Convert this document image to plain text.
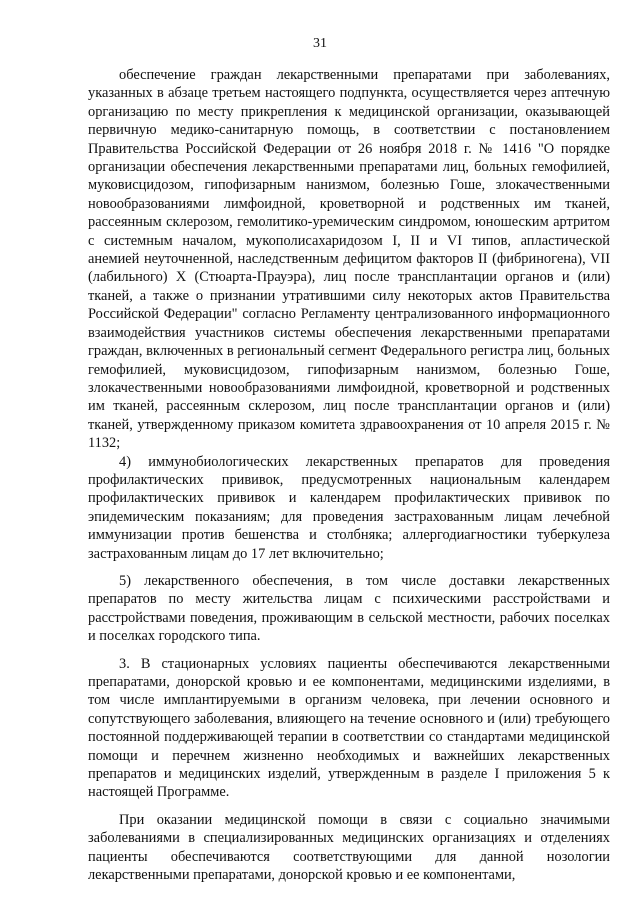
31

обеспечение граждан лекарственными препаратами при заболеваниях, указанных в абзаце третьем настоящего подпункта, осуществляется через аптечную организацию по месту прикрепления к медицинской организации, оказывающей первичную медико-санитарную помощь, в соответствии с постановлением Правительства Российской Федерации от 26 ноября 2018 г. № 1416 "О порядке организации обеспечения лекарственными препаратами лиц, больных гемофилией, муковисцидозом, гипофизарным нанизмом, болезнью Гоше, злокачественными новообразованиями лимфоидной, кроветворной и родственных им тканей, рассеянным склерозом, гемолитико-уремическим синдромом, юношеским артритом с системным началом, мукополисахаридозом I, II и VI типов, апластической анемией неуточненной, наследственным дефицитом факторов II (фибриногена), VII (лабильного) X (Стюарта-Прауэра), лиц после трансплантации органов и (или) тканей, а также о признании утратившими силу некоторых актов Правительства Российской Федерации" согласно Регламенту централизованного информационного взаимодействия участников системы обеспечения лекарственными препаратами граждан, включенных в региональный сегмент Федерального регистра лиц, больных гемофилией, муковисцидозом, гипофизарным нанизмом, болезнью Гоше, злокачественными новообразованиями лимфоидной, кроветворной и родственных им тканей, рассеянным склерозом, лиц после трансплантации органов и (или) тканей, утвержденному приказом комитета здравоохранения от 10 апреля 2015 г. № 1132;

4) иммунобиологических лекарственных препаратов для проведения профилактических прививок, предусмотренных национальным календарем профилактических прививок и календарем профилактических прививок по эпидемическим показаниям; для проведения застрахованным лицам лечебной иммунизации против бешенства и столбняка; аллергодиагностики туберкулеза застрахованным лицам до 17 лет включительно;

5) лекарственного обеспечения, в том числе доставки лекарственных препаратов по месту жительства лицам с психическими расстройствами и расстройствами поведения, проживающим в сельской местности, рабочих поселках и поселках городского типа.

3. В стационарных условиях пациенты обеспечиваются лекарственными препаратами, донорской кровью и ее компонентами, медицинскими изделиями, в том числе имплантируемыми в организм человека, при лечении основного и сопутствующего заболевания, влияющего на течение основного и (или) требующего постоянной поддерживающей терапии в соответствии со стандартами медицинской помощи и перечнем жизненно необходимых и важнейших лекарственных препаратов и медицинских изделий, утвержденным в разделе I приложения 5 к настоящей Программе.

При оказании медицинской помощи в связи с социально значимыми заболеваниями в специализированных медицинских организациях и отделениях пациенты обеспечиваются соответствующими для данной нозологии лекарственными препаратами, донорской кровью и ее компонентами,
